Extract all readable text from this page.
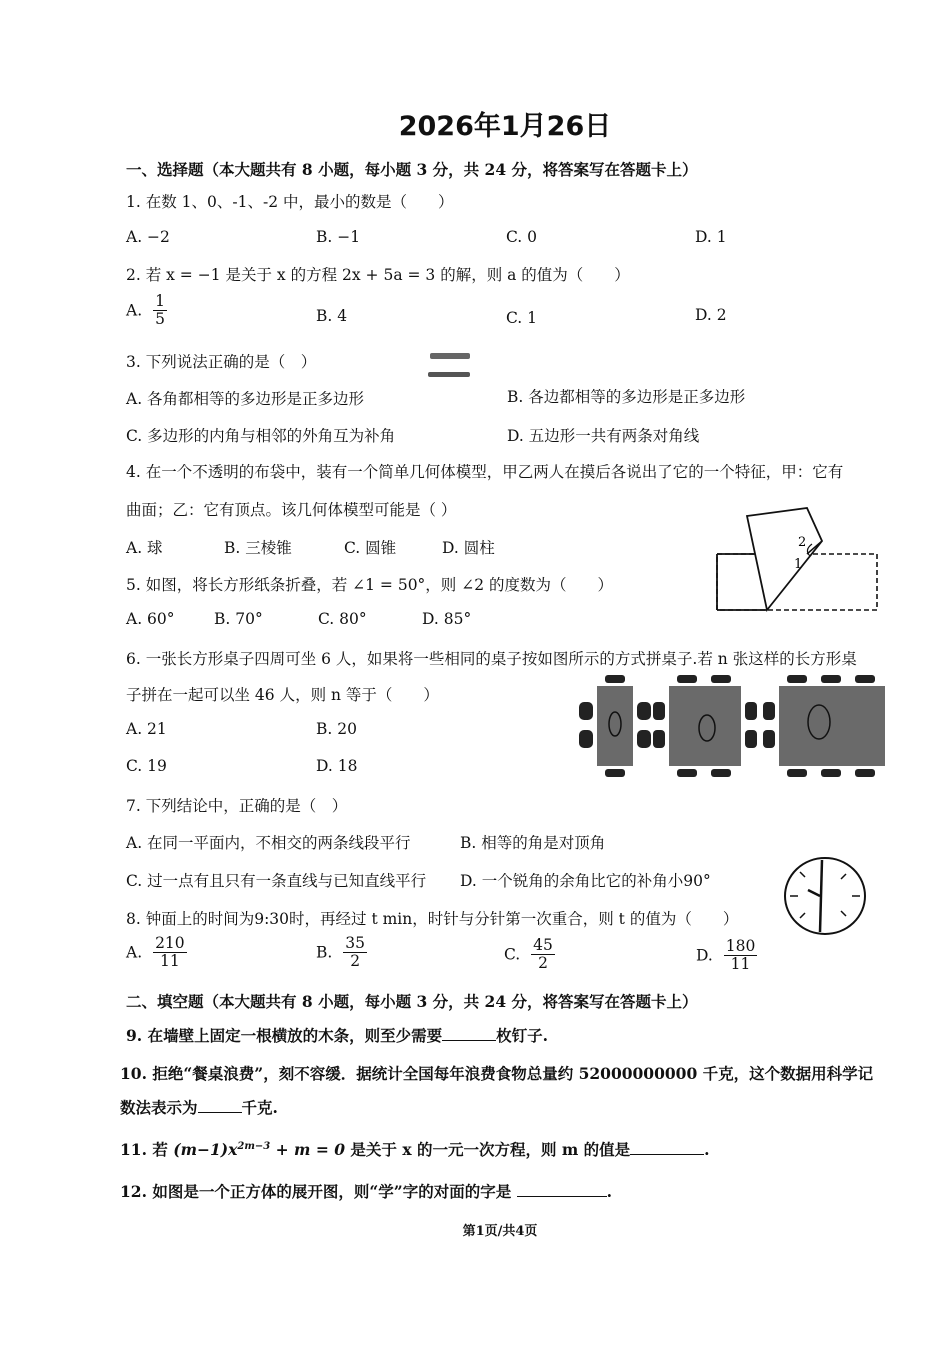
2026年1月26日
一、选择题（本大题共有 8 小题，每小题 3 分，共 24 分，将答案写在答题卡上）
1. 在数 1、0、-1、-2 中，最小的数是（　　）
A. −2	B. −1	C. 0	D. 1
2. 若 x = −1 是关于 x 的方程 2x + 5a = 3 的解，则 a 的值为（　　）
A. $\frac{1}{5}$	B. 4	C. 1	D. 2
3. 下列说法正确的是（　）
A. 各角都相等的多边形是正多边形	B. 各边都相等的多边形是正多边形
C. 多边形的内角与相邻的外角互为补角	D. 五边形一共有两条对角线
4. 在一个不透明的布袋中，装有一个简单几何体模型，甲乙两人在摸后各说出了它的一个特征，甲：它有
曲面；乙：它有顶点。该几何体模型可能是（ ）
A. 球	B. 三棱锥	C. 圆锥	D. 圆柱	2
1
5. 如图，将长方形纸条折叠，若 ∠1 = 50°，则 ∠2 的度数为（　　）
A. 60°	B. 70°	C. 80°	D. 85°
6. 一张长方形桌子四周可坐 6 人，如果将一些相同的桌子按如图所示的方式拼桌子.若 n 张这样的长方形桌
子拼在一起可以坐 46 人，则 n 等于（　　）
A. 21	B. 20
C. 19	D. 18
7. 下列结论中，正确的是（　）
A. 在同一平面内，不相交的两条线段平行	B. 相等的角是对顶角
C. 过一点有且只有一条直线与已知直线平行 D. 一个锐角的余角比它的补角小90°
8. 钟面上的时间为9:30时，再经过 t min，时针与分针第一次重合，则 t 的值为（　　）
A. $\frac{210}{11}$	B. $\frac{35}{2}$	C. $\frac{45}{2}$	D. $\frac{180}{11}$
二、填空题（本大题共有 8 小题，每小题 3 分，共 24 分，将答案写在答题卡上）
9. 在墙壁上固定一根横放的木条，则至少需要	枚钉子.
10. 拒绝“餐桌浪费”，刻不容缓．据统计全国每年浪费食物总量约 52000000000 千克，这个数据用科学记
数法表示为	千克.
11. 若 $(m-1)x^{2m-3} + m = 0$ 是关于 x 的一元一次方程，则 m 的值是	.
12. 如图是一个正方体的展开图，则“学”字的对面的字是	.
第1页/共4页
